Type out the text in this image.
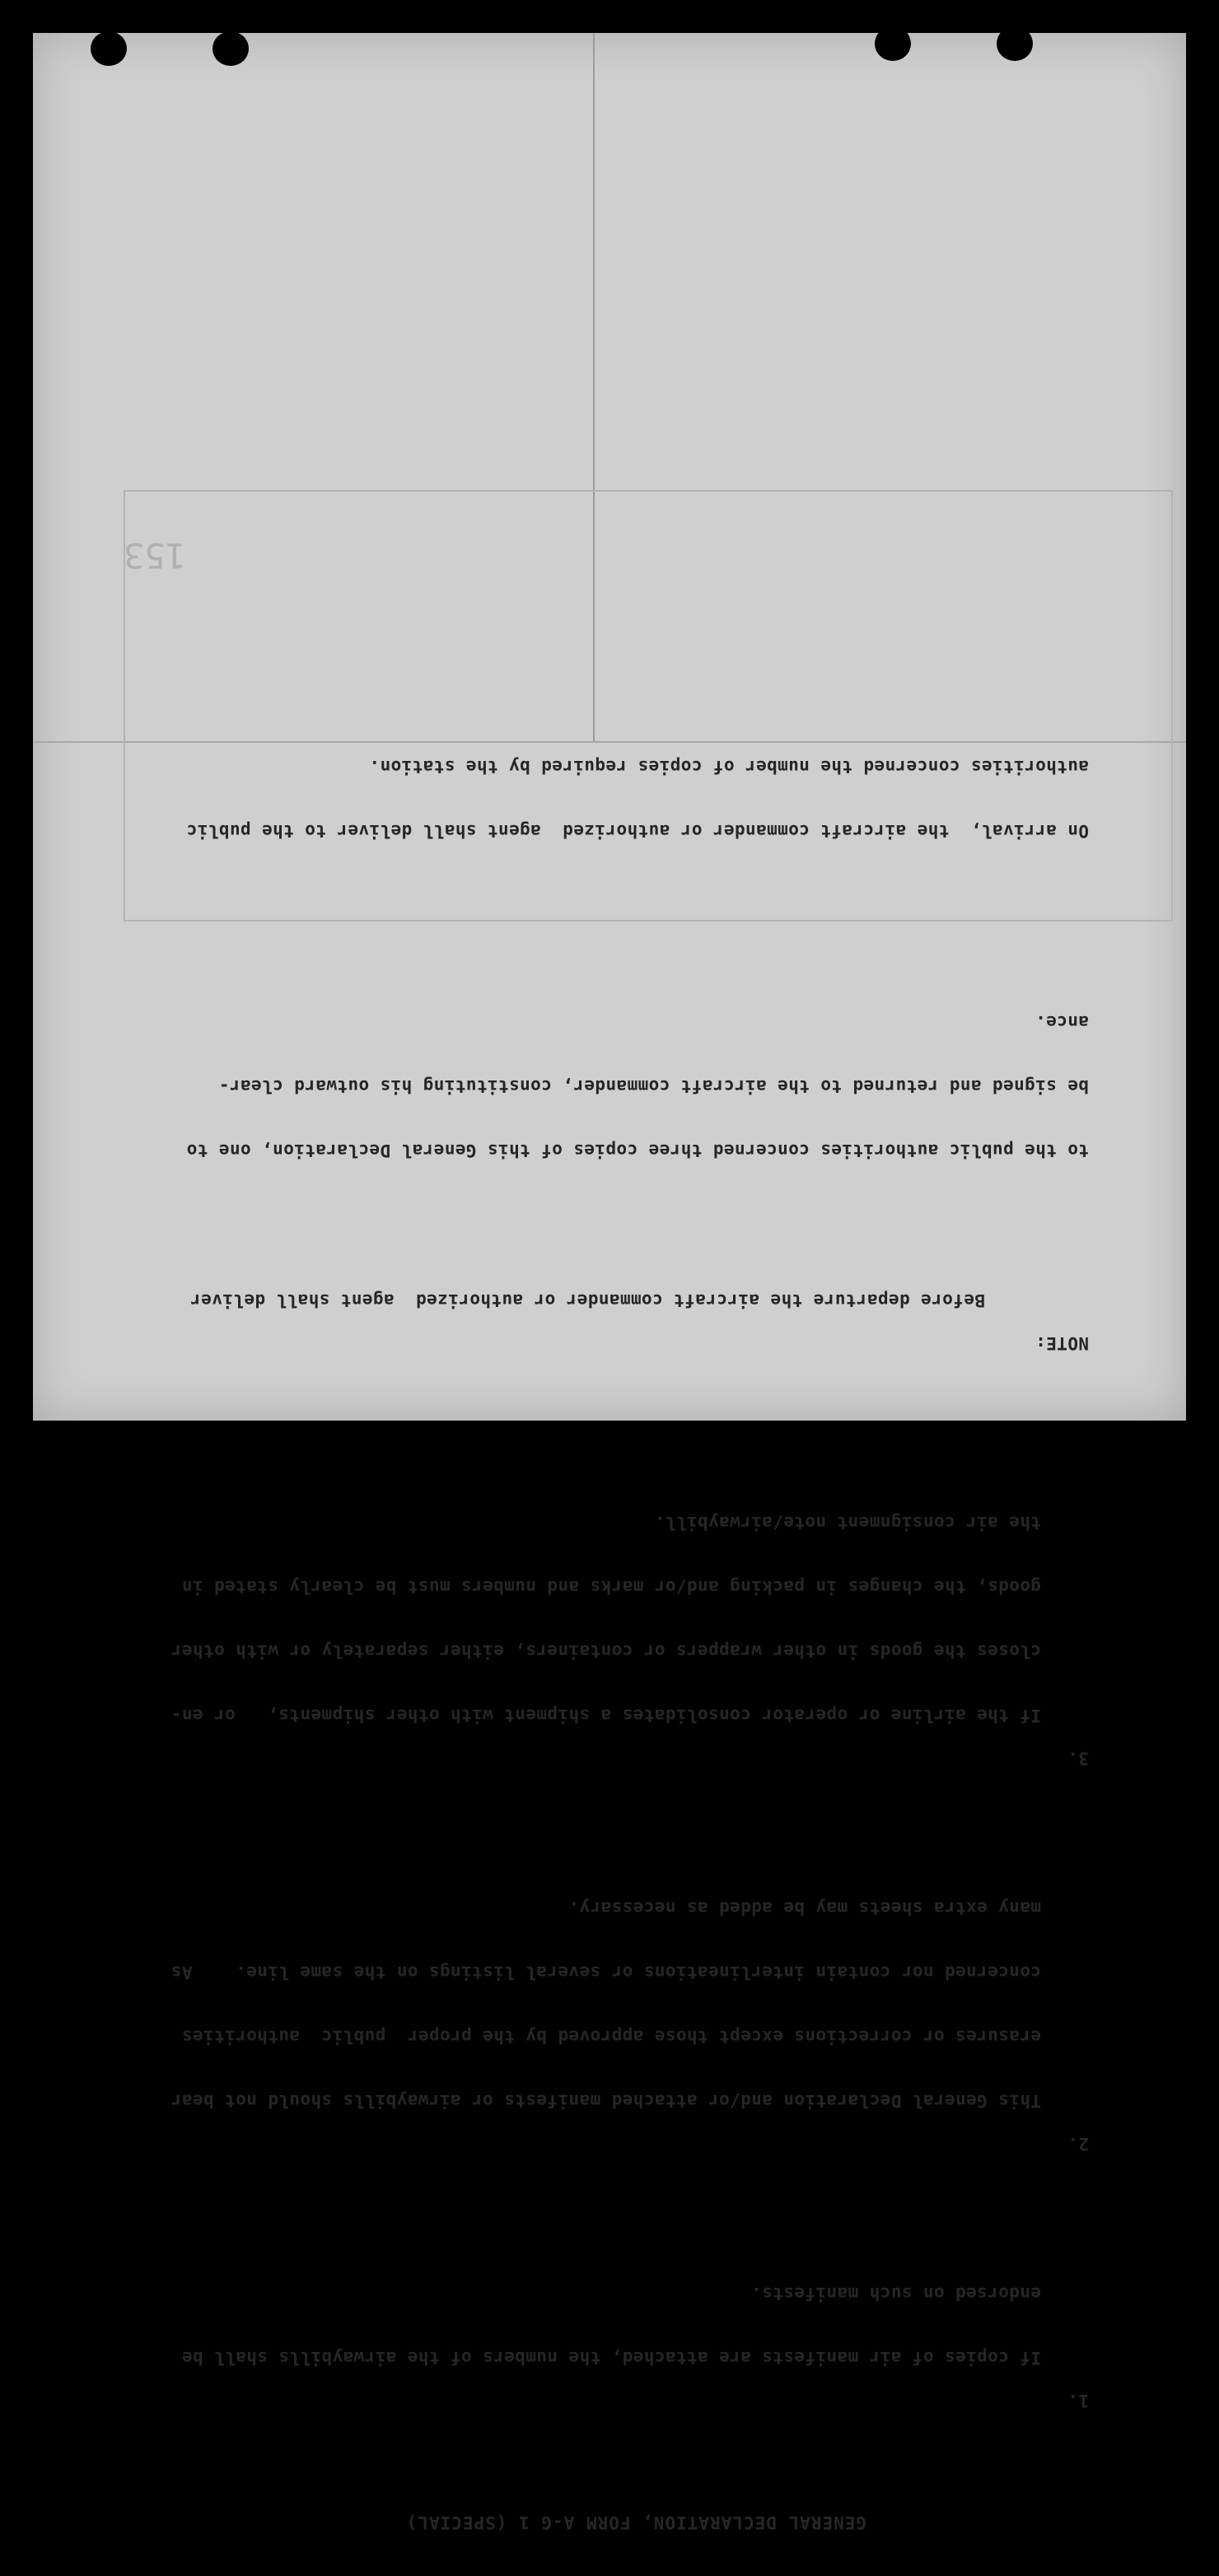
153

GENERAL DECLARATION, FORM A-G 1 (SPECIAL)

1.

If copies of air manifests are attached, the numbers of the airwaybills shall be

endorsed on such manifests.

2.

This General Declaration and/or attached manifests or airwaybills should not bear

erasures or corrections except those approved by the proper  public  authorities

concerned nor contain interlineations or several listings on the same line.    As

many extra sheets may be added as necessary.

3.

If the airline or operator consolidates a shipment with other shipments,   or en-

closes the goods in other wrappers or containers, either separately or with other

goods, the changes in packing and/or marks and numbers must be clearly stated in

the air consignment note/airwaybill.

NOTE:

Before departure the aircraft commander or authorized  agent shall deliver

to the public authorities concerned three copies of this General Declaration, one to

be signed and returned to the aircraft commander, constituting his outward clear-

ance.

On arrival,  the aircraft commander or authorized  agent shall deliver to the public

authorities concerned the number of copies required by the station.
